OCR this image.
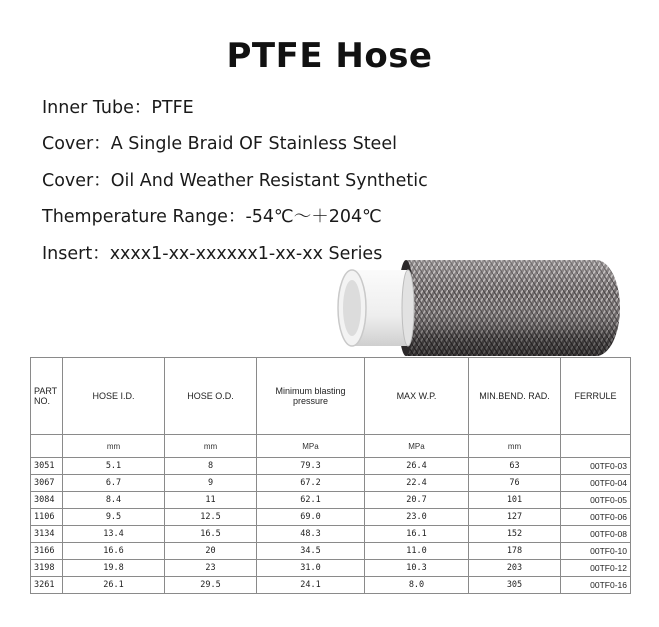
PTFE Hose
Inner Tube：PTFE
Cover：A Single Braid OF Stainless Steel
Cover：Oil And Weather Resistant Synthetic
Themperature Range：-54℃～＋204℃
Insert：xxxx1-xx-xxxxxx1-xx-xx Series
PART NO.	HOSE I.D.	HOSE O.D.	Minimum blasting pressure	MAX W.P.	MIN.BEND. RAD.	FERRULE
	mm	mm	MPa	MPa	mm	
3051	5.1	8	79.3	26.4	63	00TF0-03
3067	6.7	9	67.2	22.4	76	00TF0-04
3084	8.4	11	62.1	20.7	101	00TF0-05
1106	9.5	12.5	69.0	23.0	127	00TF0-06
3134	13.4	16.5	48.3	16.1	152	00TF0-08
3166	16.6	20	34.5	11.0	178	00TF0-10
3198	19.8	23	31.0	10.3	203	00TF0-12
3261	26.1	29.5	24.1	8.0	305	00TF0-16
